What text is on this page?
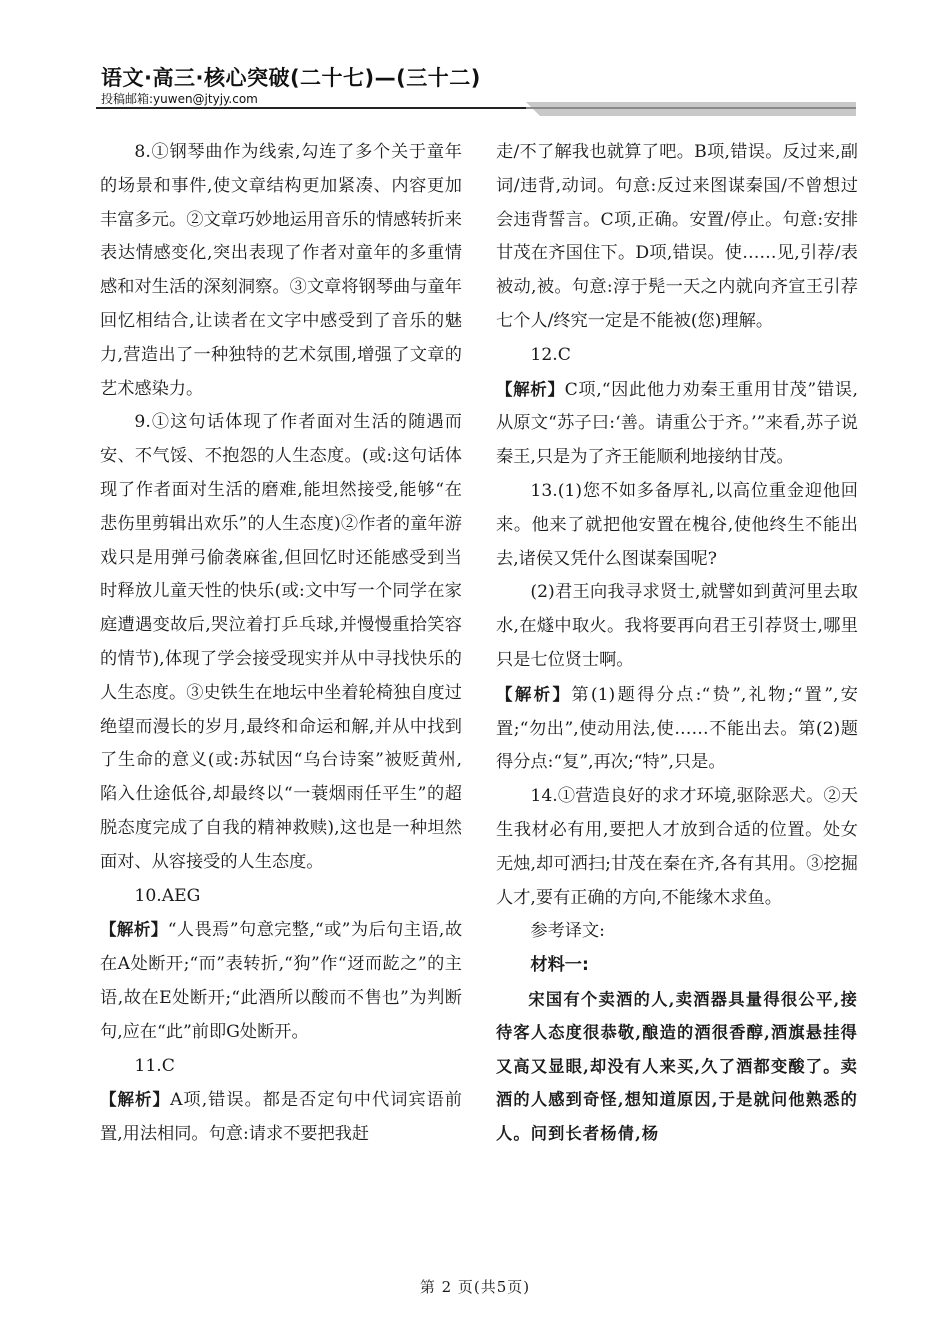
语文·高三·核心突破(二十七)—(三十二)
投稿邮箱:yuwen@jtyjy.com

8.①钢琴曲作为线索,勾连了多个关于童年的场景和事件,使文章结构更加紧凑、内容更加丰富多元。②文章巧妙地运用音乐的情感转折来表达情感变化,突出表现了作者对童年的多重情感和对生活的深刻洞察。③文章将钢琴曲与童年回忆相结合,让读者在文字中感受到了音乐的魅力,营造出了一种独特的艺术氛围,增强了文章的艺术感染力。

9.①这句话体现了作者面对生活的随遇而安、不气馁、不抱怨的人生态度。(或:这句话体现了作者面对生活的磨难,能坦然接受,能够“在悲伤里剪辑出欢乐”的人生态度)②作者的童年游戏只是用弹弓偷袭麻雀,但回忆时还能感受到当时释放儿童天性的快乐(或:文中写一个同学在家庭遭遇变故后,哭泣着打乒乓球,并慢慢重拾笑容的情节),体现了学会接受现实并从中寻找快乐的人生态度。③史铁生在地坛中坐着轮椅独自度过绝望而漫长的岁月,最终和命运和解,并从中找到了生命的意义(或:苏轼因“乌台诗案”被贬黄州,陷入仕途低谷,却最终以“一蓑烟雨任平生”的超脱态度完成了自我的精神救赎),这也是一种坦然面对、从容接受的人生态度。

10.AEG

【解析】“人畏焉”句意完整,“或”为后句主语,故在A处断开;“而”表转折,“狗”作“迓而龁之”的主语,故在E处断开;“此酒所以酸而不售也”为判断句,应在“此”前即G处断开。

11.C

【解析】A项,错误。都是否定句中代词宾语前置,用法相同。句意:请求不要把我赶

走/不了解我也就算了吧。B项,错误。反过来,副词/违背,动词。句意:反过来图谋秦国/不曾想过会违背誓言。C项,正确。安置/停止。句意:安排甘茂在齐国住下。D项,错误。使……见,引荐/表被动,被。句意:淳于髡一天之内就向齐宣王引荐七个人/终究一定是不能被(您)理解。

12.C

【解析】C项,“因此他力劝秦王重用甘茂”错误,从原文“苏子曰:‘善。请重公于齐。’”来看,苏子说秦王,只是为了齐王能顺利地接纳甘茂。

13.(1)您不如多备厚礼,以高位重金迎他回来。他来了就把他安置在槐谷,使他终生不能出去,诸侯又凭什么图谋秦国呢?

(2)君王向我寻求贤士,就譬如到黄河里去取水,在燧中取火。我将要再向君王引荐贤士,哪里只是七位贤士啊。

【解析】第(1)题得分点:“贽”,礼物;“置”,安置;“勿出”,使动用法,使……不能出去。第(2)题得分点:“复”,再次;“特”,只是。

14.①营造良好的求才环境,驱除恶犬。②天生我材必有用,要把人才放到合适的位置。处女无烛,却可洒扫;甘茂在秦在齐,各有其用。③挖掘人才,要有正确的方向,不能缘木求鱼。

参考译文:

材料一:

宋国有个卖酒的人,卖酒器具量得很公平,接待客人态度很恭敬,酿造的酒很香醇,酒旗悬挂得又高又显眼,却没有人来买,久了酒都变酸了。卖酒的人感到奇怪,想知道原因,于是就问他熟悉的人。问到长者杨倩,杨

第 2 页(共5页)
